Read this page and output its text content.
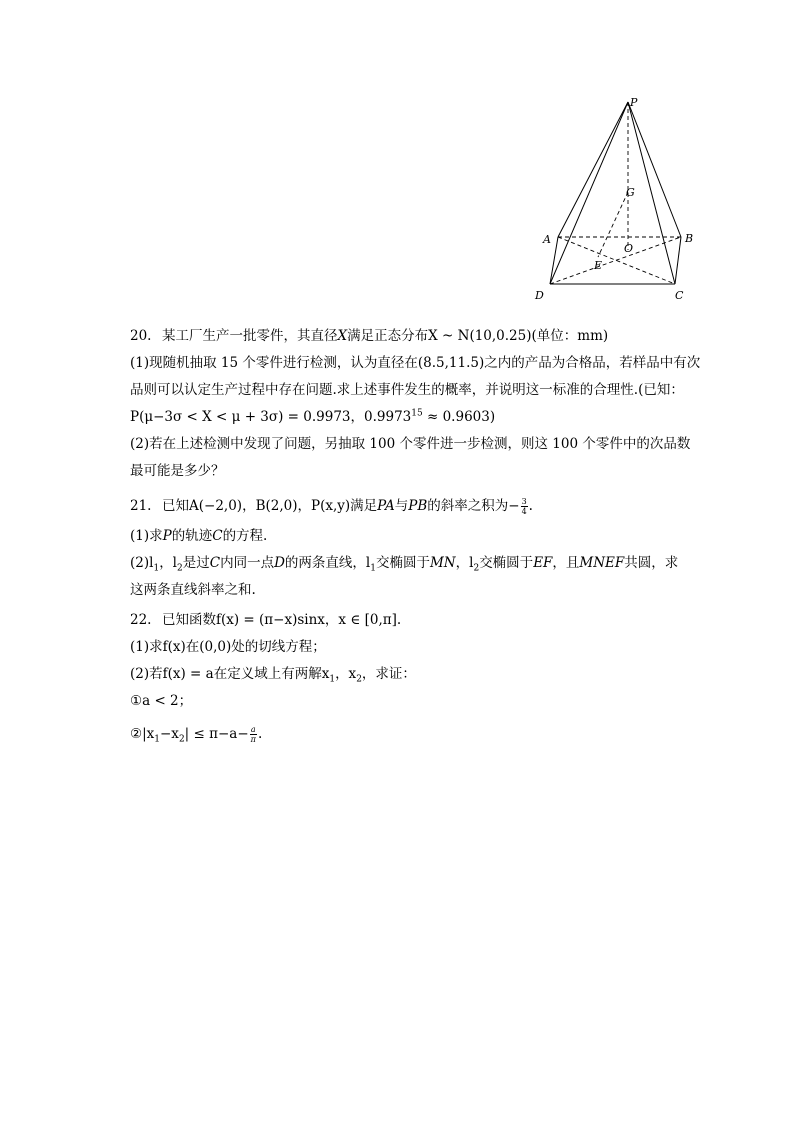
P
G
A
O
B
E
D	C
20. 某工厂生产一批零件，其直径X满足正态分布X ~ N(10,0.25)(单位：mm)
(1)现随机抽取 15 个零件进行检测，认为直径在(8.5,11.5)之内的产品为合格品，若样品中有次
品则可以认定生产过程中存在问题.求上述事件发生的概率，并说明这一标准的合理性.(已知：
P(μ−3σ < X < μ + 3σ) = 0.9973，$0.9973^{15} \approx 0.9603$)
(2)若在上述检测中发现了问题，另抽取 100 个零件进一步检测，则这 100 个零件中的次品数
最可能是多少？
21. 已知A(−2,0)，B(2,0)，P(x,y)满足PA与PB的斜率之积为− $\frac{3}{4}$ .
(1)求P的轨迹C的方程.
$(2)l_1$，$l_2$是过C内同一点D的两条直线，$l_1$交椭圆于MN，$l_2$交椭圆于EF，且MNEF共圆，求
这两条直线斜率之和.
22. 已知函数f(x) = (π−x)sinx，x ∈ [0,π].
(1)求f(x)在(0,0)处的切线方程；
(2)若f(x) = a在定义域上有两解$x_1$，$x_2$，求证：
①a < 2；
$②|x_1-x_2| \le \pi-a- \frac{a}{\pi}$ .
